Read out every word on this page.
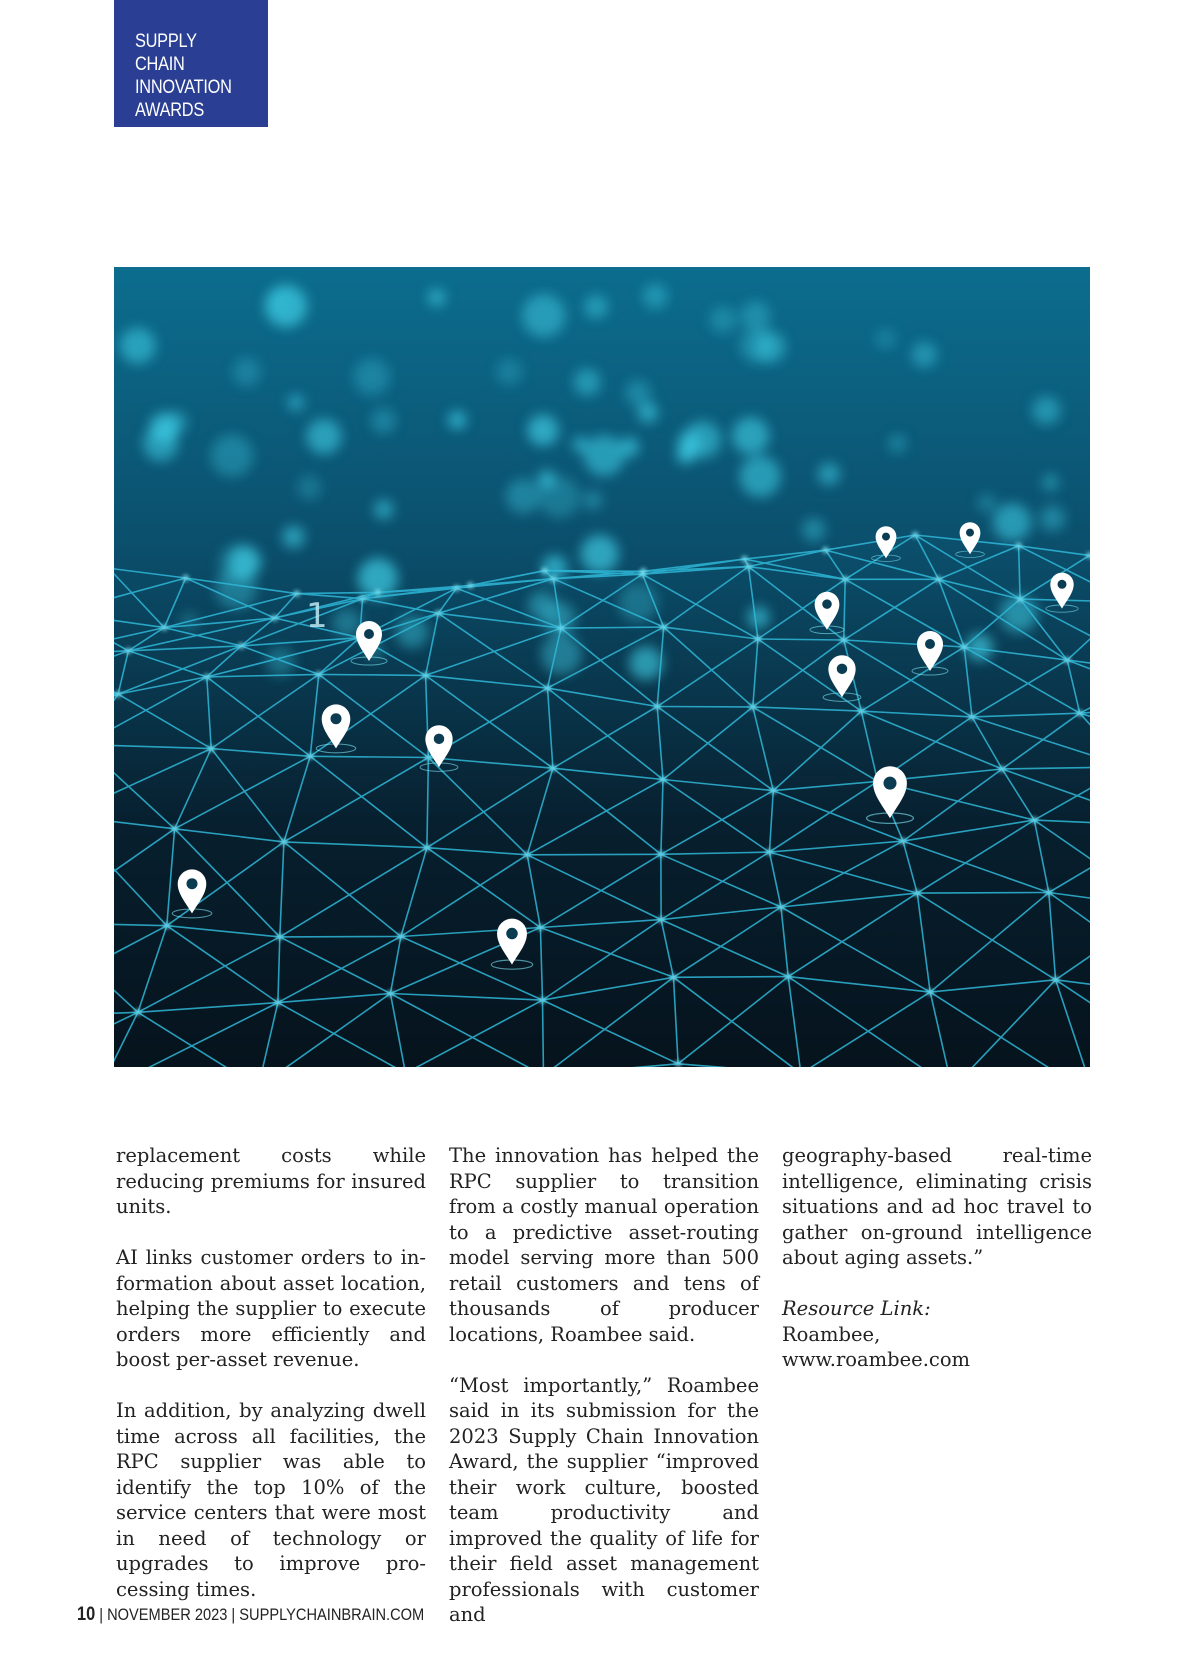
SUPPLY CHAIN
INNOVATION
AWARDS
1

replacement costs while reducing premiums for insured units.

AI links customer orders to information about asset location, helping the supplier to execute orders more efficiently and boost per-asset revenue.

In addition, by analyzing dwell time across all facilities, the RPC supplier was able to identify the top 10% of the service centers that were most in need of technology or upgrades to improve processing times.

The innovation has helped the RPC supplier to transition from a costly manual operation to a predictive asset-routing model serving more than 500 retail customers and tens of thousands of producer locations, Roambee said.

“Most importantly,” Roambee said in its submission for the 2023 Supply Chain Innovation Award, the supplier “improved their work culture, boosted team productivity and improved the quality of life for their field asset management professionals with customer and

geography-based real-time intelligence, eliminating crisis situations and ad hoc travel to gather on-ground intelligence about aging assets.”

Resource Link:
Roambee,
www.roambee.com

10 | NOVEMBER 2023 | SUPPLYCHAINBRAIN.COM
